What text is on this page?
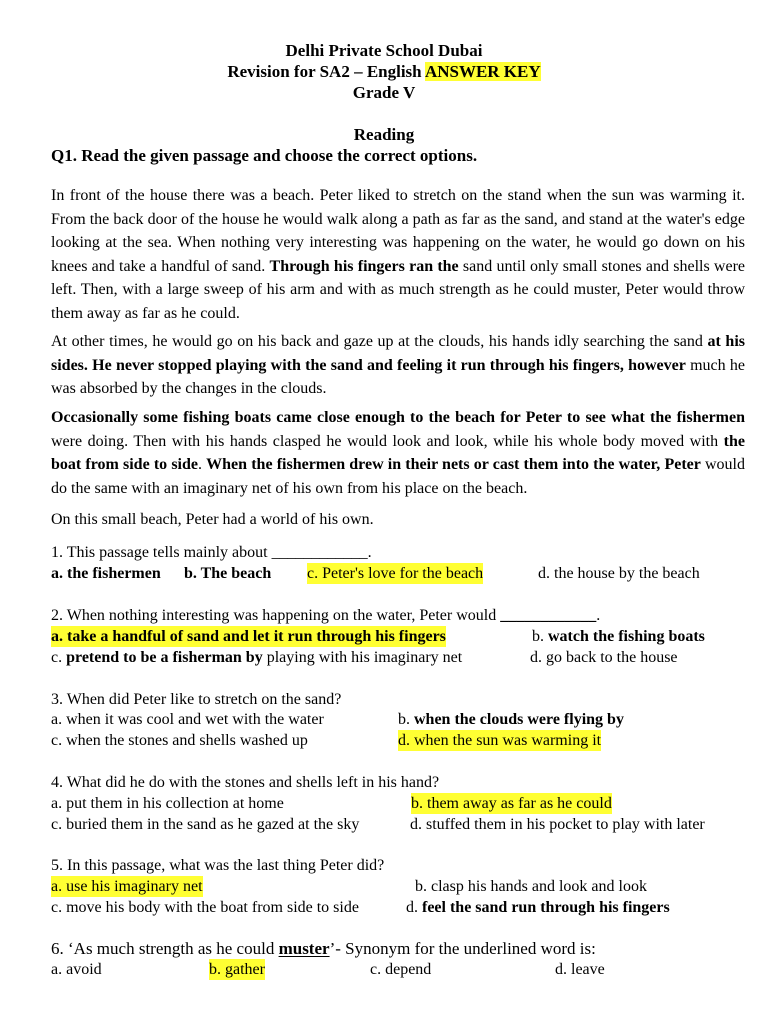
Delhi Private School Dubai
Revision for SA2 – English ANSWER KEY
Grade V
Reading
Q1. Read the given passage and choose the correct options.
In front of the house there was a beach. Peter liked to stretch on the stand when the sun was warming it. From the back door of the house he would walk along a path as far as the sand, and stand at the water's edge looking at the sea. When nothing very interesting was happening on the water, he would go down on his knees and take a handful of sand. Through his fingers ran the sand until only small stones and shells were left. Then, with a large sweep of his arm and with as much strength as he could muster, Peter would throw them away as far as he could.
At other times, he would go on his back and gaze up at the clouds, his hands idly searching the sand at his sides. He never stopped playing with the sand and feeling it run through his fingers, however much he was absorbed by the changes in the clouds.
Occasionally some fishing boats came close enough to the beach for Peter to see what the fishermen were doing. Then with his hands clasped he would look and look, while his whole body moved with the boat from side to side. When the fishermen drew in their nets or cast them into the water, Peter would do the same with an imaginary net of his own from his place on the beach.
On this small beach, Peter had a world of his own.
1. This passage tells mainly about ____________.
a. the fishermen b. The beach c. Peter's love for the beach	d. the house by the beach
2. When nothing interesting was happening on the water, Peter would ____________.
a. take a handful of sand and let it run through his fingers	b. watch the fishing boats
c. pretend to be a fisherman by playing with his imaginary net	d. go back to the house
3. When did Peter like to stretch on the sand?
a. when it was cool and wet with the water	b. when the clouds were flying by
c. when the stones and shells washed up	d. when the sun was warming it
4. What did he do with the stones and shells left in his hand?
a. put them in his collection at home	b. them away as far as he could
c. buried them in the sand as he gazed at the sky	d. stuffed them in his pocket to play with later
5. In this passage, what was the last thing Peter did?
a. use his imaginary net	b. clasp his hands and look and look
c. move his body with the boat from side to side	d. feel the sand run through his fingers
6. ‘As much strength as he could muster’- Synonym for the underlined word is:
a. avoid	b. gather	c. depend	d. leave
